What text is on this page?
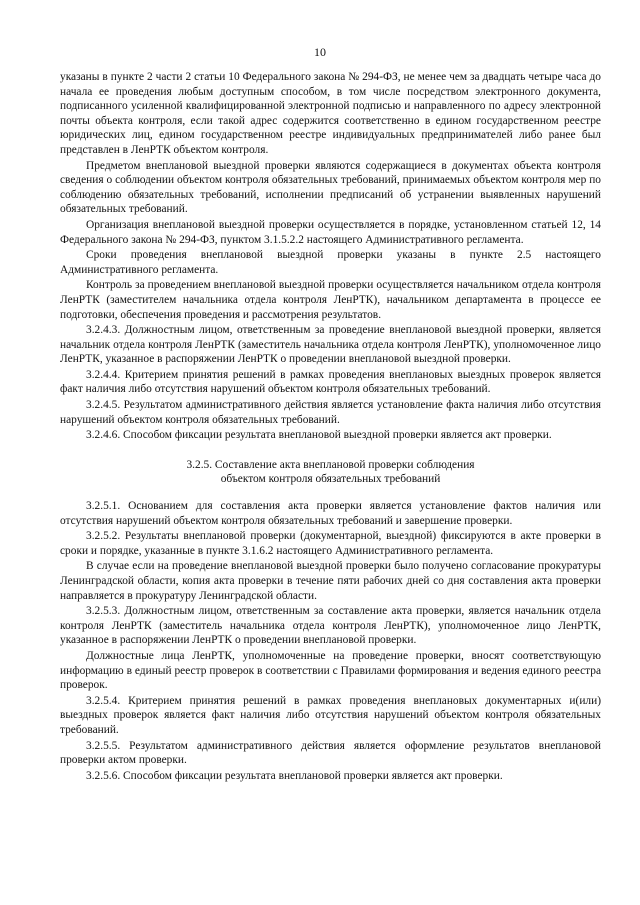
10

указаны в пункте 2 части 2 статьи 10 Федерального закона № 294-ФЗ, не менее чем за двадцать четыре часа до начала ее проведения любым доступным способом, в том числе посредством электронного документа, подписанного усиленной квалифицированной электронной подписью и направленного по адресу электронной почты объекта контроля, если такой адрес содержится соответственно в едином государственном реестре юридических лиц, едином государственном реестре индивидуальных предпринимателей либо ранее был представлен в ЛенРТК объектом контроля.

Предметом внеплановой выездной проверки являются содержащиеся в документах объекта контроля сведения о соблюдении объектом контроля обязательных требований, принимаемых объектом контроля мер по соблюдению обязательных требований, исполнении предписаний об устранении выявленных нарушений обязательных требований.

Организация внеплановой выездной проверки осуществляется в порядке, установленном статьей 12, 14 Федерального закона № 294-ФЗ, пунктом 3.1.5.2.2 настоящего Административного регламента.

Сроки проведения внеплановой выездной проверки указаны в пункте 2.5 настоящего Административного регламента.

Контроль за проведением внеплановой выездной проверки осуществляется начальником отдела контроля ЛенРТК (заместителем начальника отдела контроля ЛенРТК), начальником департамента в процессе ее подготовки, обеспечения проведения и рассмотрения результатов.

3.2.4.3. Должностным лицом, ответственным за проведение внеплановой выездной проверки, является начальник отдела контроля ЛенРТК (заместитель начальника отдела контроля ЛенРТК), уполномоченное лицо ЛенРТК, указанное в распоряжении ЛенРТК о проведении внеплановой выездной проверки.

3.2.4.4. Критерием принятия решений в рамках проведения внеплановых выездных проверок является факт наличия либо отсутствия нарушений объектом контроля обязательных требований.

3.2.4.5. Результатом административного действия является установление факта наличия либо отсутствия нарушений объектом контроля обязательных требований.

3.2.4.6. Способом фиксации результата внеплановой выездной проверки является акт проверки.

3.2.5. Составление акта внеплановой проверки соблюдения
объектом контроля обязательных требований

3.2.5.1. Основанием для составления акта проверки является установление фактов наличия или отсутствия нарушений объектом контроля обязательных требований и завершение проверки.

3.2.5.2. Результаты внеплановой проверки (документарной, выездной) фиксируются в акте проверки в сроки и порядке, указанные в пункте 3.1.6.2 настоящего Административного регламента.

В случае если на проведение внеплановой выездной проверки было получено согласование прокуратуры Ленинградской области, копия акта проверки в течение пяти рабочих дней со дня составления акта проверки направляется в прокуратуру Ленинградской области.

3.2.5.3. Должностным лицом, ответственным за составление акта проверки, является начальник отдела контроля ЛенРТК (заместитель начальника отдела контроля ЛенРТК), уполномоченное лицо ЛенРТК, указанное в распоряжении ЛенРТК о проведении внеплановой проверки.

Должностные лица ЛенРТК, уполномоченные на проведение проверки, вносят соответствующую информацию в единый реестр проверок в соответствии с Правилами формирования и ведения единого реестра проверок.

3.2.5.4. Критерием принятия решений в рамках проведения внеплановых документарных и(или) выездных проверок является факт наличия либо отсутствия нарушений объектом контроля обязательных требований.

3.2.5.5. Результатом административного действия является оформление результатов внеплановой проверки актом проверки.

3.2.5.6. Способом фиксации результата внеплановой проверки является акт проверки.
